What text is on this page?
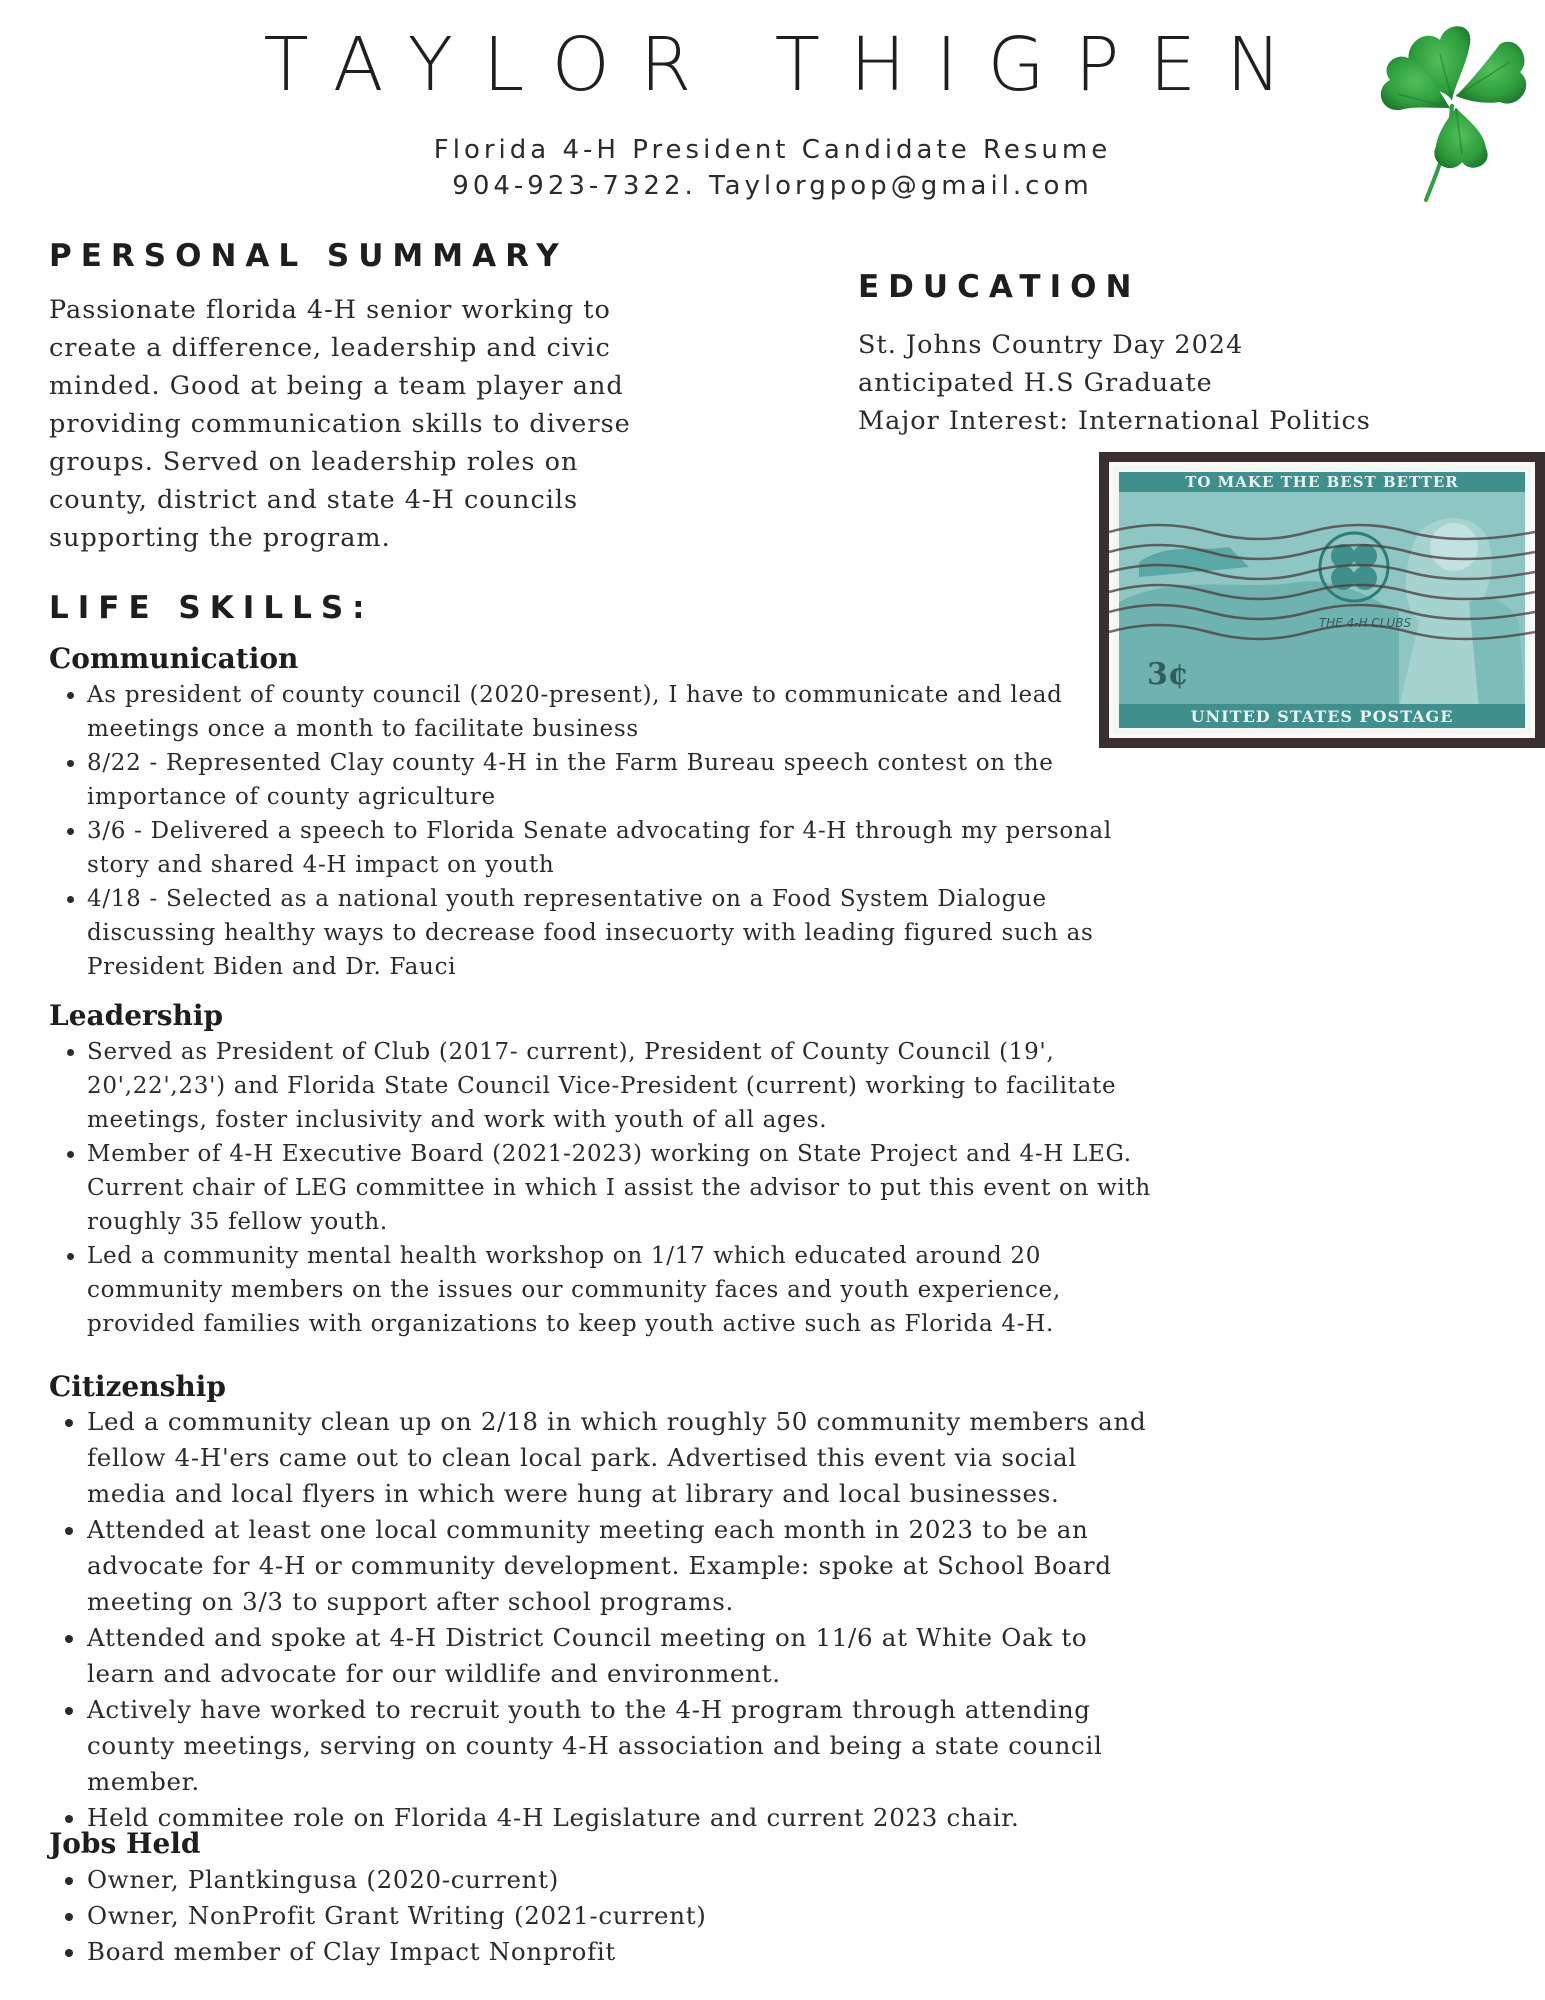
TAYLOR THIGPEN
Florida 4-H President Candidate Resume
904-923-7322. Taylorgpop@gmail.com
PERSONAL SUMMARY
Passionate florida 4-H senior working to
create a difference, leadership and civic
minded. Good at being a team player and
providing communication skills to diverse
groups. Served on leadership roles on
county, district and state 4-H councils
supporting the program.
EDUCATION
St. Johns Country Day 2024
anticipated H.S Graduate
Major Interest: International Politics
TO MAKE THE BEST BETTER
THE 4-H CLUBS
3¢
UNITED STATES POSTAGE
LIFE SKILLS:
Communication
• As president of county council (2020-present), I have to communicate and lead
meetings once a month to facilitate business
• 8/22 - Represented Clay county 4-H in the Farm Bureau speech contest on the
importance of county agriculture
• 3/6 - Delivered a speech to Florida Senate advocating for 4-H through my personal
story and shared 4-H impact on youth
• 4/18 - Selected as a national youth representative on a Food System Dialogue
discussing healthy ways to decrease food insecuorty with leading figured such as
President Biden and Dr. Fauci
Leadership
• Served as President of Club (2017- current), President of County Council (19',
20',22',23') and Florida State Council Vice-President (current) working to facilitate
meetings, foster inclusivity and work with youth of all ages.
• Member of 4-H Executive Board (2021-2023) working on State Project and 4-H LEG.
Current chair of LEG committee in which I assist the advisor to put this event on with
roughly 35 fellow youth.
• Led a community mental health workshop on 1/17 which educated around 20
community members on the issues our community faces and youth experience,
provided families with organizations to keep youth active such as Florida 4-H.
Citizenship
• Led a community clean up on 2/18 in which roughly 50 community members and
fellow 4-H'ers came out to clean local park. Advertised this event via social
media and local flyers in which were hung at library and local businesses.
• Attended at least one local community meeting each month in 2023 to be an
advocate for 4-H or community development. Example: spoke at School Board
meeting on 3/3 to support after school programs.
• Attended and spoke at 4-H District Council meeting on 11/6 at White Oak to
learn and advocate for our wildlife and environment.
• Actively have worked to recruit youth to the 4-H program through attending
county meetings, serving on county 4-H association and being a state council
member.
• Held commitee role on Florida 4-H Legislature and current 2023 chair.
Jobs Held
• Owner, Plantkingusa (2020-current)
• Owner, NonProfit Grant Writing (2021-current)
• Board member of Clay Impact Nonprofit
